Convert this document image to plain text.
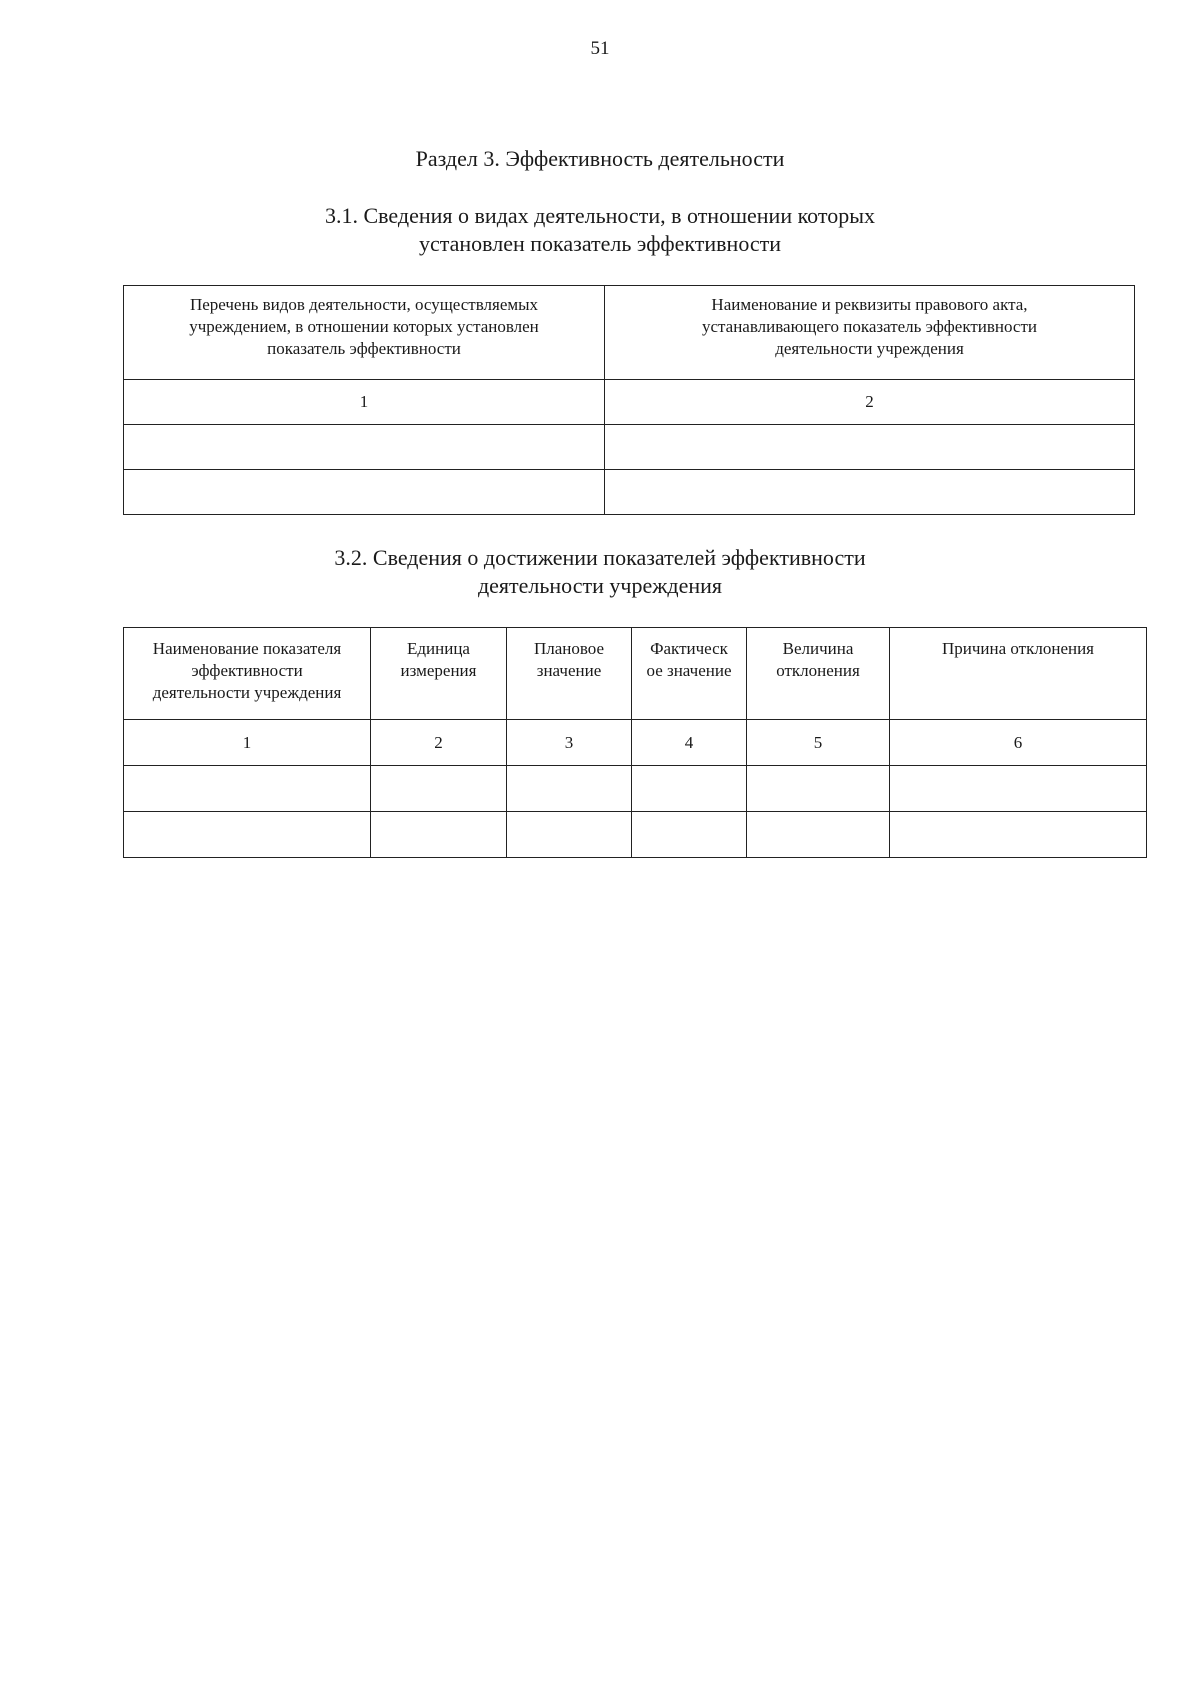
51
Раздел 3. Эффективность деятельности
3.1. Сведения о видах деятельности, в отношении которых
установлен показатель эффективности
Перечень видов деятельности, осуществляемых
учреждением, в отношении которых установлен
показатель эффективности	Наименование и реквизиты правового акта,
устанавливающего показатель эффективности
деятельности учреждения
1	2

3.2. Сведения о достижении показателей эффективности
деятельности учреждения
Наименование показателя
эффективности
деятельности учреждения	Единица
измерения	Плановое
значение	Фактическ
ое значение	Величина
отклонения	Причина отклонения
1	2	3	4	5	6
